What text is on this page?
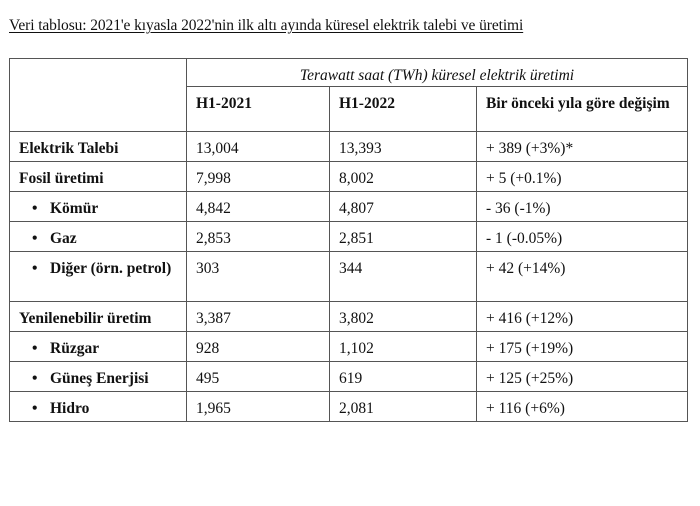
Veri tablosu: 2021'e kıyasla 2022'nin ilk altı ayında küresel elektrik talebi ve üretimi
	Terawatt saat (TWh) küresel elektrik üretimi		
	H1-2021	H1-2022	Bir önceki yıla göre değişim
Elektrik Talebi	13,004	13,393	+ 389 (+3%)*
Fosil üretimi	7,998	8,002	+ 5 (+0.1%)

• Kömür	4,842	4,807	- 36 (-1%)

• Gaz	2,853	2,851	- 1 (-0.05%)

• Diğer (örn. petrol)	303	344	+ 42 (+14%)
Yenilenebilir üretim	3,387	3,802	+ 416 (+12%)

• Rüzgar	928	1,102	+ 175 (+19%)

• Güneş Enerjisi	495	619	+ 125 (+25%)

• Hidro	1,965	2,081	+ 116 (+6%)
